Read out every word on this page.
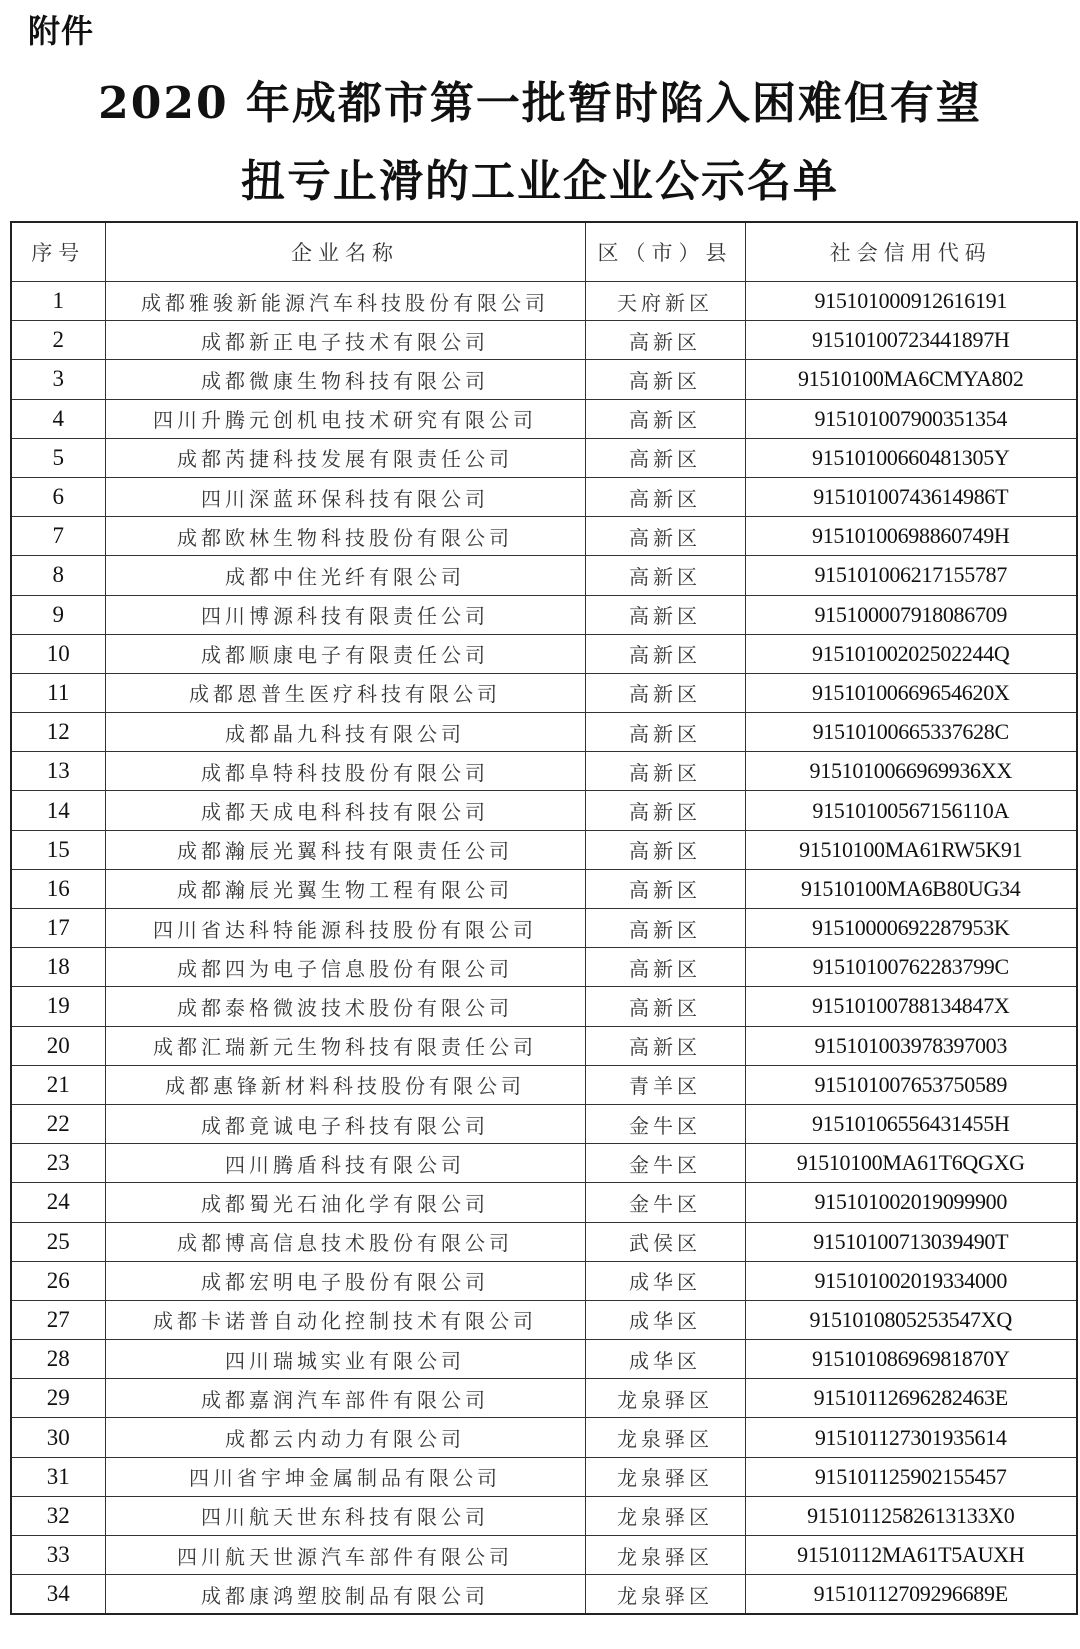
附件
2020 年成都市第一批暂时陷入困难但有望
扭亏止滑的工业企业公示名单
序号	企业名称	区（市）县	社会信用代码
1	成都雅骏新能源汽车科技股份有限公司	天府新区	915101000912616191
2	成都新正电子技术有限公司	高新区	91510100723441897H
3	成都微康生物科技有限公司	高新区	91510100MA6CMYA802
4	四川升腾元创机电技术研究有限公司	高新区	915101007900351354
5	成都芮捷科技发展有限责任公司	高新区	91510100660481305Y
6	四川深蓝环保科技有限公司	高新区	91510100743614986T
7	成都欧林生物科技股份有限公司	高新区	91510100698860749H
8	成都中住光纤有限公司	高新区	915101006217155787
9	四川博源科技有限责任公司	高新区	915100007918086709
10	成都顺康电子有限责任公司	高新区	91510100202502244Q
11	成都恩普生医疗科技有限公司	高新区	91510100669654620X
12	成都晶九科技有限公司	高新区	91510100665337628C
13	成都阜特科技股份有限公司	高新区	9151010066969936XX
14	成都天成电科科技有限公司	高新区	91510100567156110A
15	成都瀚辰光翼科技有限责任公司	高新区	91510100MA61RW5K91
16	成都瀚辰光翼生物工程有限公司	高新区	91510100MA6B80UG34
17	四川省达科特能源科技股份有限公司	高新区	91510000692287953K
18	成都四为电子信息股份有限公司	高新区	91510100762283799C
19	成都泰格微波技术股份有限公司	高新区	91510100788134847X
20	成都汇瑞新元生物科技有限责任公司	高新区	915101003978397003
21	成都惠锋新材料科技股份有限公司	青羊区	915101007653750589
22	成都竟诚电子科技有限公司	金牛区	91510106556431455H
23	四川腾盾科技有限公司	金牛区	91510100MA61T6QGXG
24	成都蜀光石油化学有限公司	金牛区	915101002019099900
25	成都博高信息技术股份有限公司	武侯区	91510100713039490T
26	成都宏明电子股份有限公司	成华区	915101002019334000
27	成都卡诺普自动化控制技术有限公司	成华区	9151010805253547XQ
28	四川瑞城实业有限公司	成华区	91510108696981870Y
29	成都嘉润汽车部件有限公司	龙泉驿区	91510112696282463E
30	成都云内动力有限公司	龙泉驿区	915101127301935614
31	四川省宇坤金属制品有限公司	龙泉驿区	915101125902155457
32	四川航天世东科技有限公司	龙泉驿区	91510112582613133X0
33	四川航天世源汽车部件有限公司	龙泉驿区	91510112MA61T5AUXH
34	成都康鸿塑胶制品有限公司	龙泉驿区	91510112709296689E
